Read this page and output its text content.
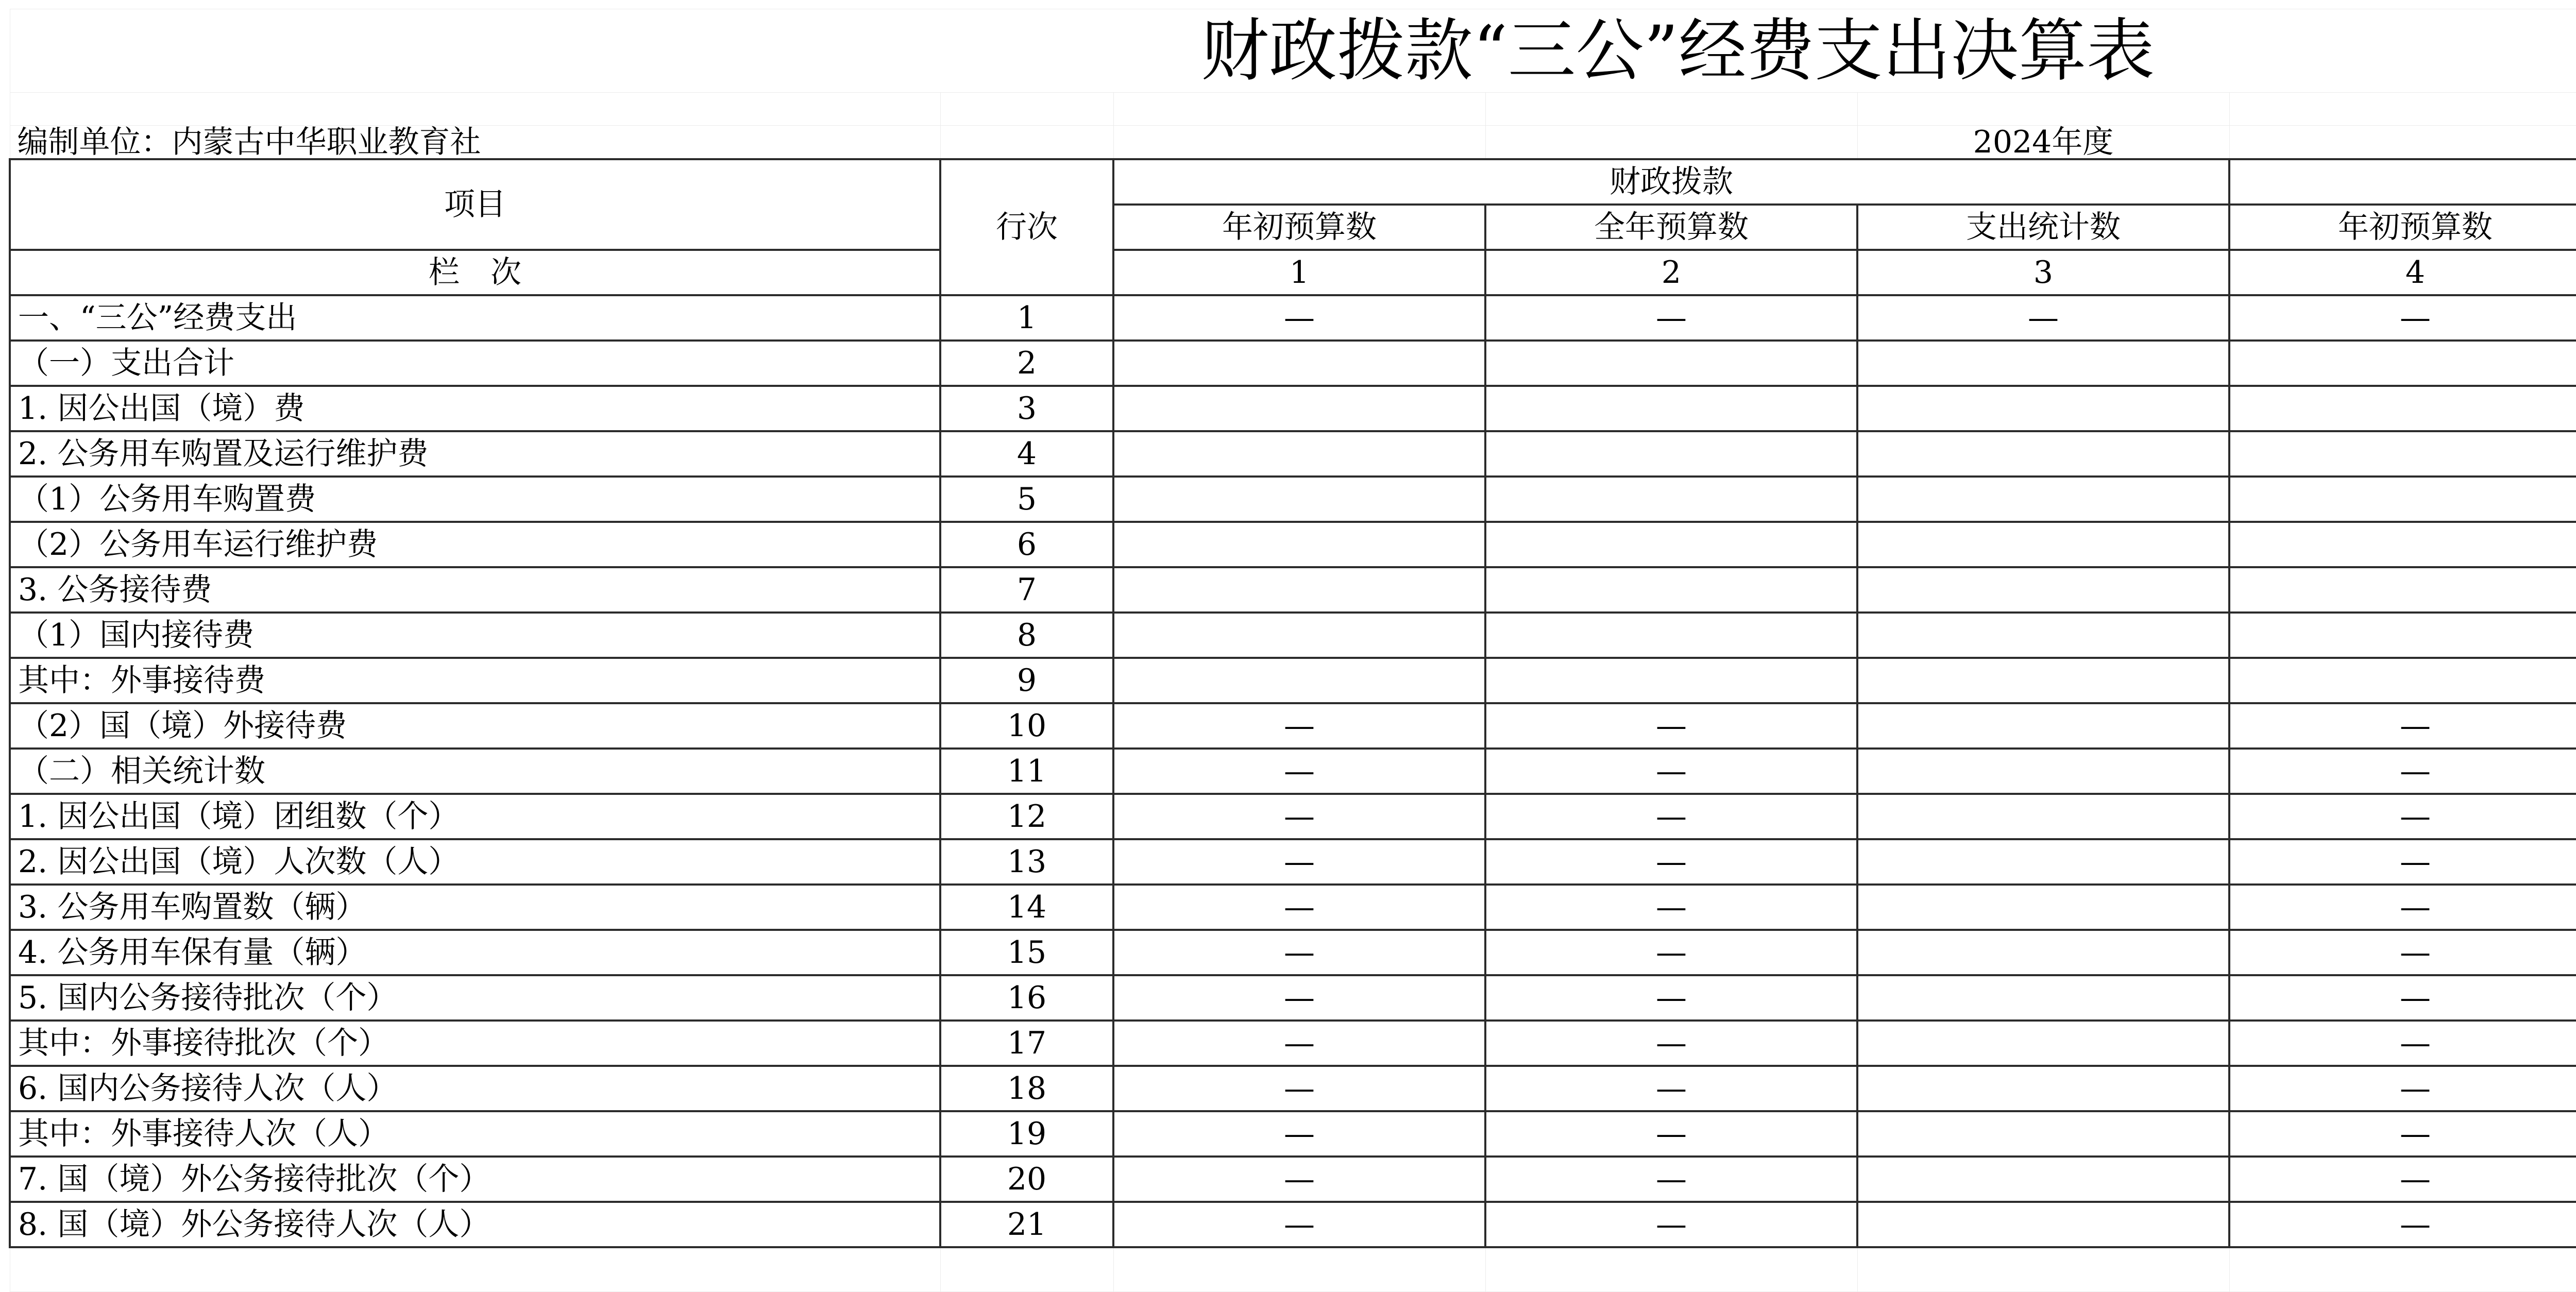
财政拨款“三公”经费支出决算表							

编制单位：内蒙古中华职业教育社				2024年度			
项目	行次	财政拨款	
		年初预算数	全年预算数	支出统计数	年初预算数		
栏　次		1	2	3	4		
一、“三公”经费支出	1	—	—	—	—		
（一）支出合计	2						
1. 因公出国（境）费	3						
2. 公务用车购置及运行维护费	4						
（1）公务用车购置费	5						
（2）公务用车运行维护费	6						
3. 公务接待费	7						
（1）国内接待费	8						
其中：外事接待费	9						
（2）国（境）外接待费	10	—	—		—		
（二）相关统计数	11	—	—		—		
1. 因公出国（境）团组数（个）	12	—	—		—		
2. 因公出国（境）人次数（人）	13	—	—		—		
3. 公务用车购置数（辆）	14	—	—		—		
4. 公务用车保有量（辆）	15	—	—		—		
5. 国内公务接待批次（个）	16	—	—		—		
其中：外事接待批次（个）	17	—	—		—		
6. 国内公务接待人次（人）	18	—	—		—		
其中：外事接待人次（人）	19	—	—		—		
7. 国（境）外公务接待批次（个）	20	—	—		—		
8. 国（境）外公务接待人次（人）	21	—	—		—		
